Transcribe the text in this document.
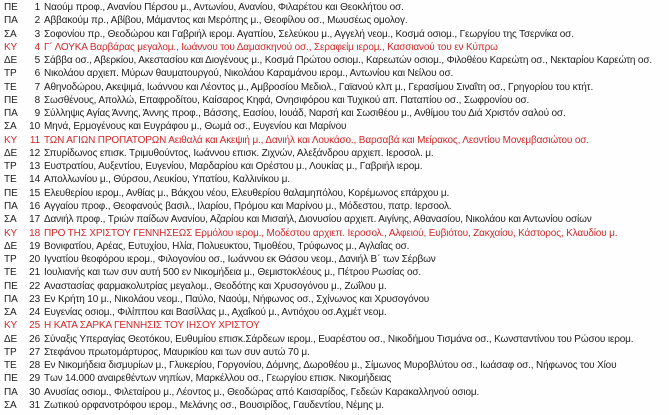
ΠΕ	1 Ναούμ προφ., Ανανίου Πέρσου μ., Αντωνίου, Ανανίου, Φιλαρέτου και Θεοκλήτου οσ.
ΠΑ	2 Αββακούμ πρ., Αβίβου, Μάμαντος και Μερόπης μ., Θεοφίλου οσ., Μωυσέως ομολογ.
ΣΑ	3 Σοφονίου πρ., Θεοδώρου και Γαβριήλ ιερομ. Αγαπίου, Σελεύκου μ., Αγγελή νεομ., Κοσμά οσιομ., Γεωργίου της Τσερνίκα οσ.
ΚΥ	4 Γ΄ ΛΟΥΚΑ Βαρβάρας μεγαλομ., Ιωάννου του Δαμασκηνού οσ., Σεραφείμ ιερομ., Κασσιανού του εν Κύπρω
ΔΕ	5 Σάββα οσ., Αβερκίου, Ακεστασίου και Διογένους μ., Κοσμά Πρώτου οσιομ., Καρεωτών οσιομ., Φιλοθέου Καρεώτη οσ., Νεκταρίου Καρεώτη οσ.
ΤΡ	6 Νικολάου αρχιεπ. Μύρων θαυματουργού, Νικολάου Καραμάνου ιερομ., Αντωνίου και Νείλου οσ.
ΤΕ	7 Αθηνοδώρου, Ακεψιμά, Ιωάννου και Λέοντος μ., Αμβροσίου Μεδιολ., Γαϊανού κλπ μ., Γερασίμου Σιναΐτη οσ., Γρηγορίου του κτήτ.
ΠΕ	8 Σωσθένους, Απολλώ, Επαφροδίτου, Καίσαρος Κηφά, Ονησιφόρου και Τυχικού απ. Παταπίου οσ., Σωφρονίου οσ.
ΠΑ	9 Σύλληψις Αγίας Άννης, Άννης προφ., Βάσσης, Εασίου, Ιουάδ, Ναρσή και Σωσιθέου μ., Ανθίμου του Διά Χριστόν σαλού οσ.
ΣΑ	10 Μηνά, Ερμογένους και Ευγράφου μ., Θωμά οσ., Ευγενίου και Μαρίνου
ΚΥ	11 ΤΩΝ ΑΓΙΩΝ ΠΡΟΠΑΤΟΡΩΝ Αειθαλά και Ακεψιή μ., Δανιήλ και Λουκάσο., Βαρσαβά και Μείρακος, Λεοντίου Μονεμβασιώτου οσ.
ΔΕ	12 Σπυρίδωνος επισκ. Τριμυθούντος, Ιωάννου επισκ. Ζιχνών, Αλεξάνδρου αρχιεπ. Ιεροσολ. μ.
ΤΡ	13 Ευστρατίου, Αυξεντίου, Ευγενίου, Μαρδαρίου και Ορέστου μ., Λουκίας μ., Γαβριήλ ιερομ.
ΤΕ	14 Απολλωνίου μ., Θύρσου, Λευκίου, Υπατίου, Καλλινίκου μ.
ΠΕ	15 Ελευθερίου ιερομ., Ανθίας μ., Βάκχου νέου, Ελευθερίου θαλαμηπόλου, Κορέμωνος επάρχου μ.
ΠΑ	16 Αγγαίου προφ., Θεοφανούς βασιλ., Ιλαρίου, Πρόμου και Μαρίνου μ., Μόδεστου, πατρ. Ιερσοολ.
ΣΑ	17 Δανιήλ προφ., Τριών παίδων Ανανίου, Αζαρίου και Μισαήλ, Διονυσίου αρχιεπ. Αιγίνης, Αθανασίου, Νικολάου και Αντωνίου οσίων
ΚΥ	18 ΠΡΟ ΤΗΣ ΧΡΙΣΤΟΥ ΓΕΝΝΗΣΕΩΣ Ερμόλου ιερομ., Μοδέστου αρχιεπ. Ιεροσολ., Αλφειού, Ευβιότου, Ζακχαίου, Κάστορος, Κλαυδίου μ.
ΔΕ	19 Βονιφατίου, Αρέας, Ευτυχίου, Ηλία, Πολυευκτου, Τιμοθέου, Τρύφωνος μ., Αγλαΐας οσ.
ΤΡ	20 Ιγνατίου θεοφόρου ιερομ., Φιλογονίου οσ., Ιωάννου εκ Θάσου νεομ., Δανιήλ Β΄ των Σέρβων
ΤΕ	21 Ιουλιανής και των συν αυτή 500 εν Νικομήδεια μ., Θεμιστοκλέους μ., Πέτρου Ρωσίας οσ.
ΠΕ	22 Αναστασίας φαρμακολυτρίας μεγαλομ., Θεοδότης και Χρυσογόνου μ., Ζωΐλου μ.
ΠΑ	23 Εν Κρήτη 10 μ., Νικολάου νεομ., Παύλο, Ναούμ, Νήφωνος οσ., Σχίνωνος και Χρυσογόνου
ΣΑ	24 Ευγενίας οσιομ., Φιλίππου και Βασίλλας μ., Αχαΐκού μ., Αντιόχου οσ.Αχμέτ νεομ.
ΚΥ	25 Η ΚΑΤΑ ΣΑΡΚΑ ΓΕΝΝΗΣΙΣ ΤΟΥ ΙΗΣΟΥ ΧΡΙΣΤΟΥ
ΔΕ	26 Σύναξις Υπεραγίας Θεοτόκου, Ευθυμίου επισκ.Σάρδεων ιερομ., Ευαρέστου οσ., Νικοδήμου Τισμάνα οσ., Κωνσταντίνου του Ρώσου ιερομ.
ΤΡ	27 Στεφάνου πρωτομάρτυρος, Μαυρικίου και των συν αυτώ 70 μ.
ΤΕ	28 Εν Νικομήδεια δισμυρίων μ., Γλυκερίου, Γοργονίου, Δόμνης, Δωροθέου μ., Σίμωνος Μυροβλύτου οσ., Ιωάσαφ οσ., Νήφωνος του Χίου
ΠΕ	29 Των 14.000 αναιρεθέντων νηπίων, Μαρκέλλου οσ., Γεωργίου επισκ. Νικομήδειας
ΠΑ	30 Ανυσίας οσιομ., Φιλεταίρου μ., Λέοντος μ., Θεοδώρας από Καισαρίδος, Γεδεών Καρακαλληνού οσιομ.
ΣΑ	31 Ζωτικού ορφανοτρόφου ιερομ., Μελάνης οσ., Βουσιρίδος, Γαυδεντίου, Νέμης μ.
